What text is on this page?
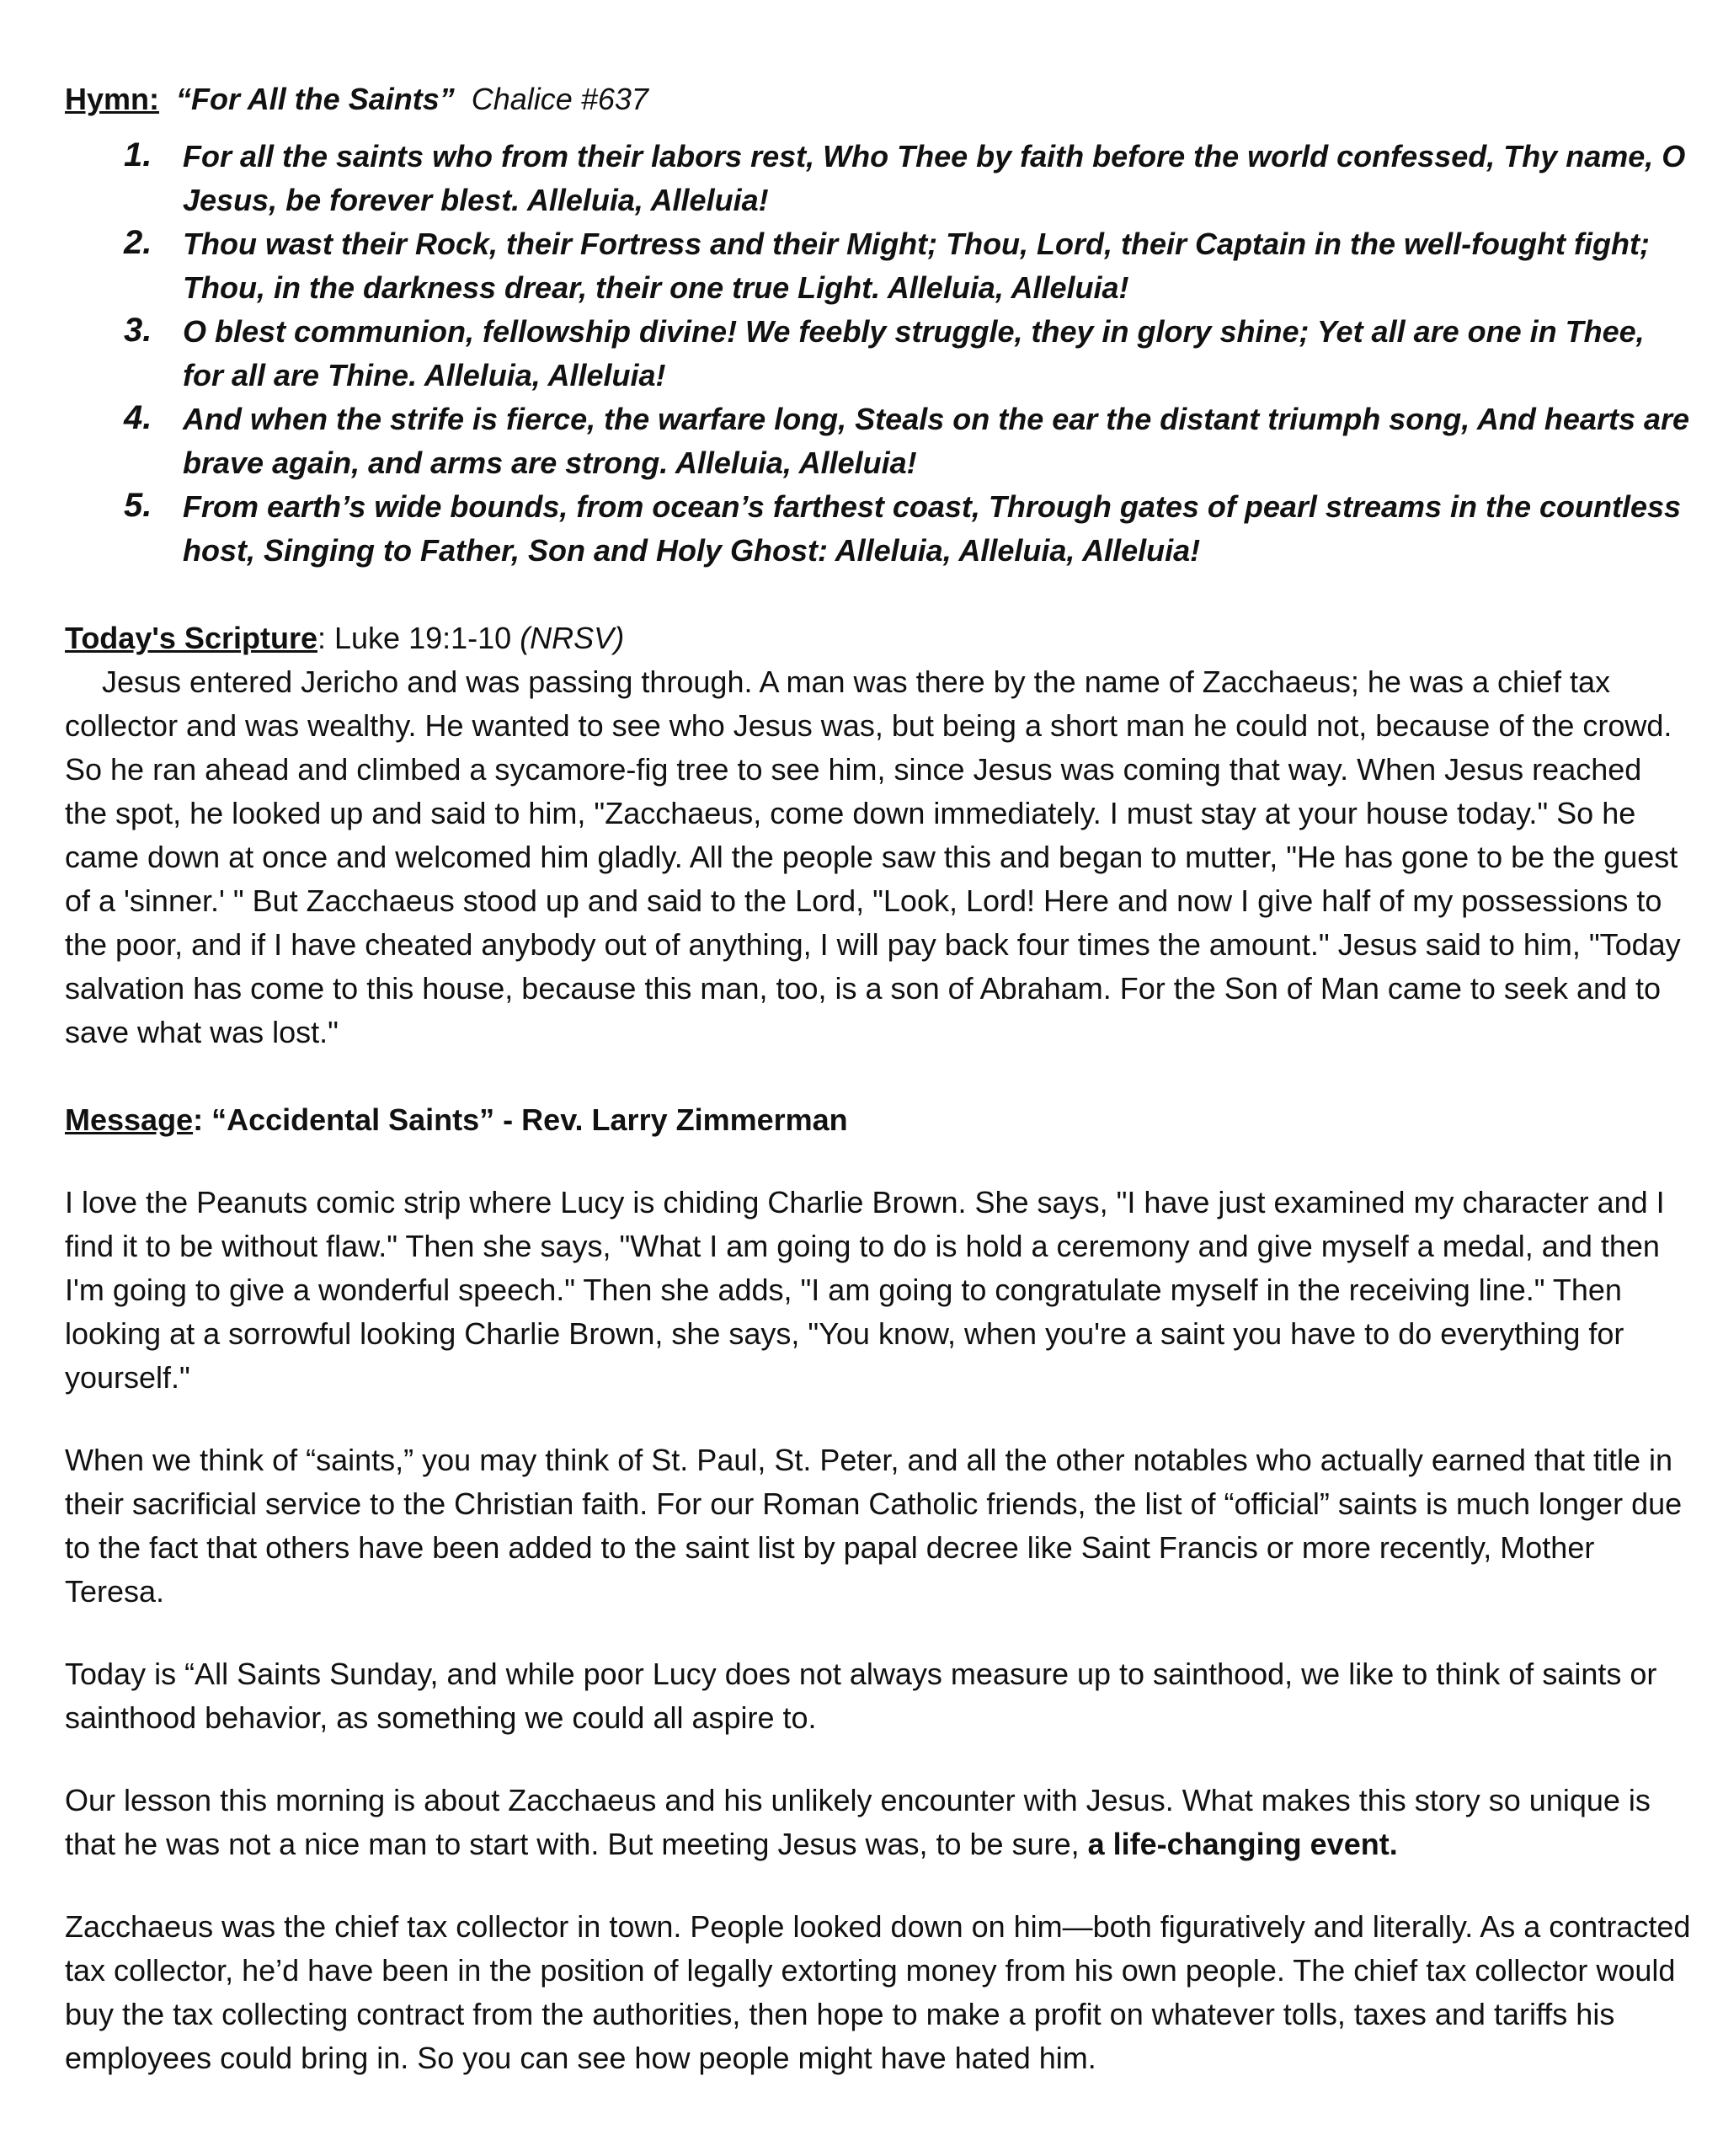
Hymn: “For All the Saints” Chalice #637

1. For all the saints who from their labors rest, Who Thee by faith before the world confessed, Thy name, O Jesus, be forever blest. Alleluia, Alleluia!
2. Thou wast their Rock, their Fortress and their Might; Thou, Lord, their Captain in the well-fought fight; Thou, in the darkness drear, their one true Light. Alleluia, Alleluia!
3. O blest communion, fellowship divine! We feebly struggle, they in glory shine; Yet all are one in Thee, for all are Thine. Alleluia, Alleluia!
4. And when the strife is fierce, the warfare long, Steals on the ear the distant triumph song, And hearts are brave again, and arms are strong. Alleluia, Alleluia!
5. From earth’s wide bounds, from ocean’s farthest coast, Through gates of pearl streams in the countless host, Singing to Father, Son and Holy Ghost: Alleluia, Alleluia, Alleluia!

Today's Scripture: Luke 19:1-10 (NRSV)

Jesus entered Jericho and was passing through. A man was there by the name of Zacchaeus; he was a chief tax collector and was wealthy. He wanted to see who Jesus was, but being a short man he could not, because of the crowd. So he ran ahead and climbed a sycamore-fig tree to see him, since Jesus was coming that way. When Jesus reached the spot, he looked up and said to him, "Zacchaeus, come down immediately. I must stay at your house today." So he came down at once and welcomed him gladly. All the people saw this and began to mutter, "He has gone to be the guest of a 'sinner.' " But Zacchaeus stood up and said to the Lord, "Look, Lord! Here and now I give half of my possessions to the poor, and if I have cheated anybody out of anything, I will pay back four times the amount." Jesus said to him, "Today salvation has come to this house, because this man, too, is a son of Abraham. For the Son of Man came to seek and to save what was lost."

Message: “Accidental Saints” - Rev. Larry Zimmerman

I love the Peanuts comic strip where Lucy is chiding Charlie Brown. She says, "I have just examined my character and I find it to be without flaw." Then she says, "What I am going to do is hold a ceremony and give myself a medal, and then I'm going to give a wonderful speech." Then she adds, "I am going to congratulate myself in the receiving line." Then looking at a sorrowful looking Charlie Brown, she says, "You know, when you're a saint you have to do everything for yourself."

When we think of “saints,” you may think of St. Paul, St. Peter, and all the other notables who actually earned that title in their sacrificial service to the Christian faith. For our Roman Catholic friends, the list of “official” saints is much longer due to the fact that others have been added to the saint list by papal decree like Saint Francis or more recently, Mother Teresa.

Today is “All Saints Sunday, and while poor Lucy does not always measure up to sainthood, we like to think of saints or sainthood behavior, as something we could all aspire to.

Our lesson this morning is about Zacchaeus and his unlikely encounter with Jesus. What makes this story so unique is that he was not a nice man to start with. But meeting Jesus was, to be sure, a life-changing event.

Zacchaeus was the chief tax collector in town. People looked down on him—both figuratively and literally. As a contracted tax collector, he’d have been in the position of legally extorting money from his own people. The chief tax collector would buy the tax collecting contract from the authorities, then hope to make a profit on whatever tolls, taxes and tariffs his employees could bring in. So you can see how people might have hated him.
